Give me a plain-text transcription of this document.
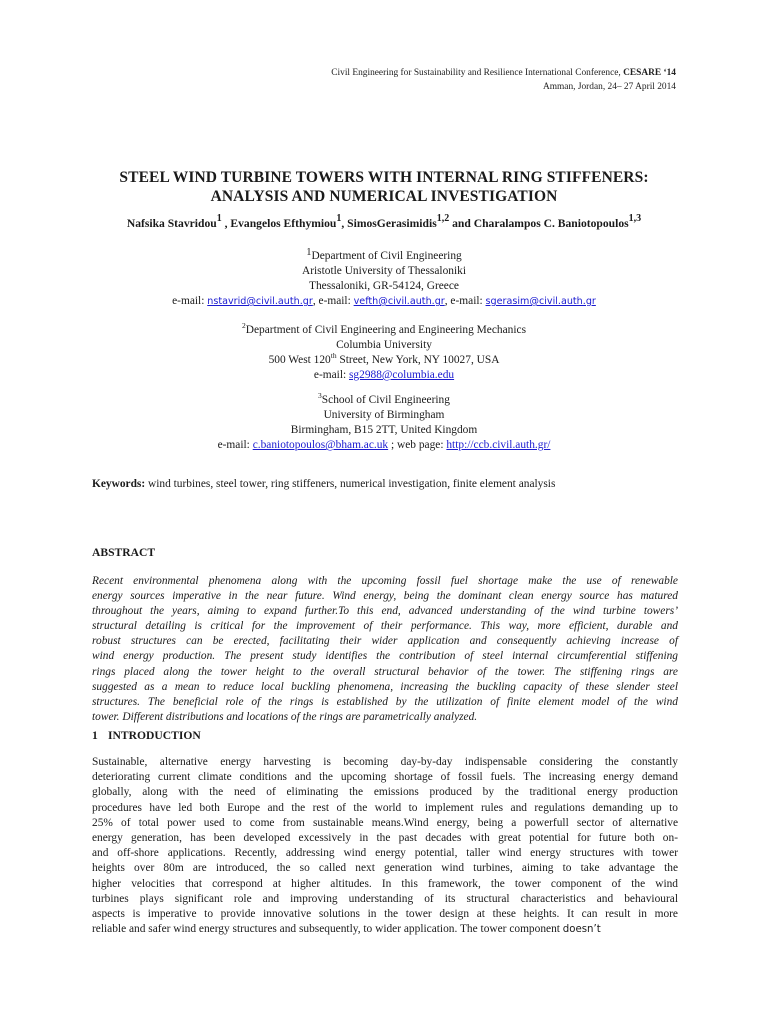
Civil Engineering for Sustainability and Resilience International Conference, CESARE ‘14
Amman, Jordan, 24– 27 April 2014
STEEL WIND TURBINE TOWERS WITH INTERNAL RING STIFFENERS:
ANALYSIS AND NUMERICAL INVESTIGATION
Nafsika Stavridou$^1$ , Evangelos Efthymiou$^1$, SimosGerasimidis$^{1,2}$ and Charalampos C. Baniotopoulos$^{1,3}$
$^1$Department of Civil Engineering
Aristotle University of Thessaloniki
Thessaloniki, GR-54124, Greece
e-mail: nstavrid@civil.auth.gr, e-mail: vefth@civil.auth.gr, e-mail: sgerasim@civil.auth.gr
$^2$Department of Civil Engineering and Engineering Mechanics
Columbia University
500 West 120th Street, New York, NY 10027, USA
e-mail: sg2988@columbia.edu
$^3$School of Civil Engineering
University of Birmingham
Birmingham, B15 2TT, United Kingdom
e-mail: c.baniotopoulos@bham.ac.uk ; web page: http://ccb.civil.auth.gr/
Keywords: wind turbines, steel tower, ring stiffeners, numerical investigation, finite element analysis
ABSTRACT
Recent environmental phenomena along with the upcoming fossil fuel shortage make the use of renewable
energy sources imperative in the near future. Wind energy, being the dominant clean energy source has matured
throughout the years, aiming to expand further.To this end, advanced understanding of the wind turbine towers’
structural detailing is critical for the improvement of their performance. This way, more efficient, durable and
robust structures can be erected, facilitating their wider application and consequently achieving increase of
wind energy production. The present study identifies the contribution of steel internal circumferential stiffening
rings placed along the tower height to the overall structural behavior of the tower. The stiffening rings are
suggested as a mean to reduce local buckling phenomena, increasing the buckling capacity of these slender steel
structures. The beneficial role of the rings is established by the utilization of finite element model of the wind
tower. Different distributions and locations of the rings are parametrically analyzed.
1 INTRODUCTION
Sustainable, alternative energy harvesting is becoming day-by-day indispensable considering the constantly
deteriorating current climate conditions and the upcoming shortage of fossil fuels. The increasing energy demand
globally, along with the need of eliminating the emissions produced by the traditional energy production
procedures have led both Europe and the rest of the world to implement rules and regulations demanding up to
25% of total power used to come from sustainable means.Wind energy, being a powerfull sector of alternative
energy generation, has been developed excessively in the past decades with great potential for future both on-
and off-shore applications. Recently, addressing wind energy potential, taller wind energy structures with tower
heights over 80m are introduced, the so called next generation wind turbines, aiming to take advantage the
higher velocities that correspond at higher altitudes. In this framework, the tower component of the wind
turbines plays significant role and improving understanding of its structural characteristics and behavioural
aspects is imperative to provide innovative solutions in the tower design at these heights. It can result in more
reliable and safer wind energy structures and subsequently, to wider application. The tower component doesn’t
